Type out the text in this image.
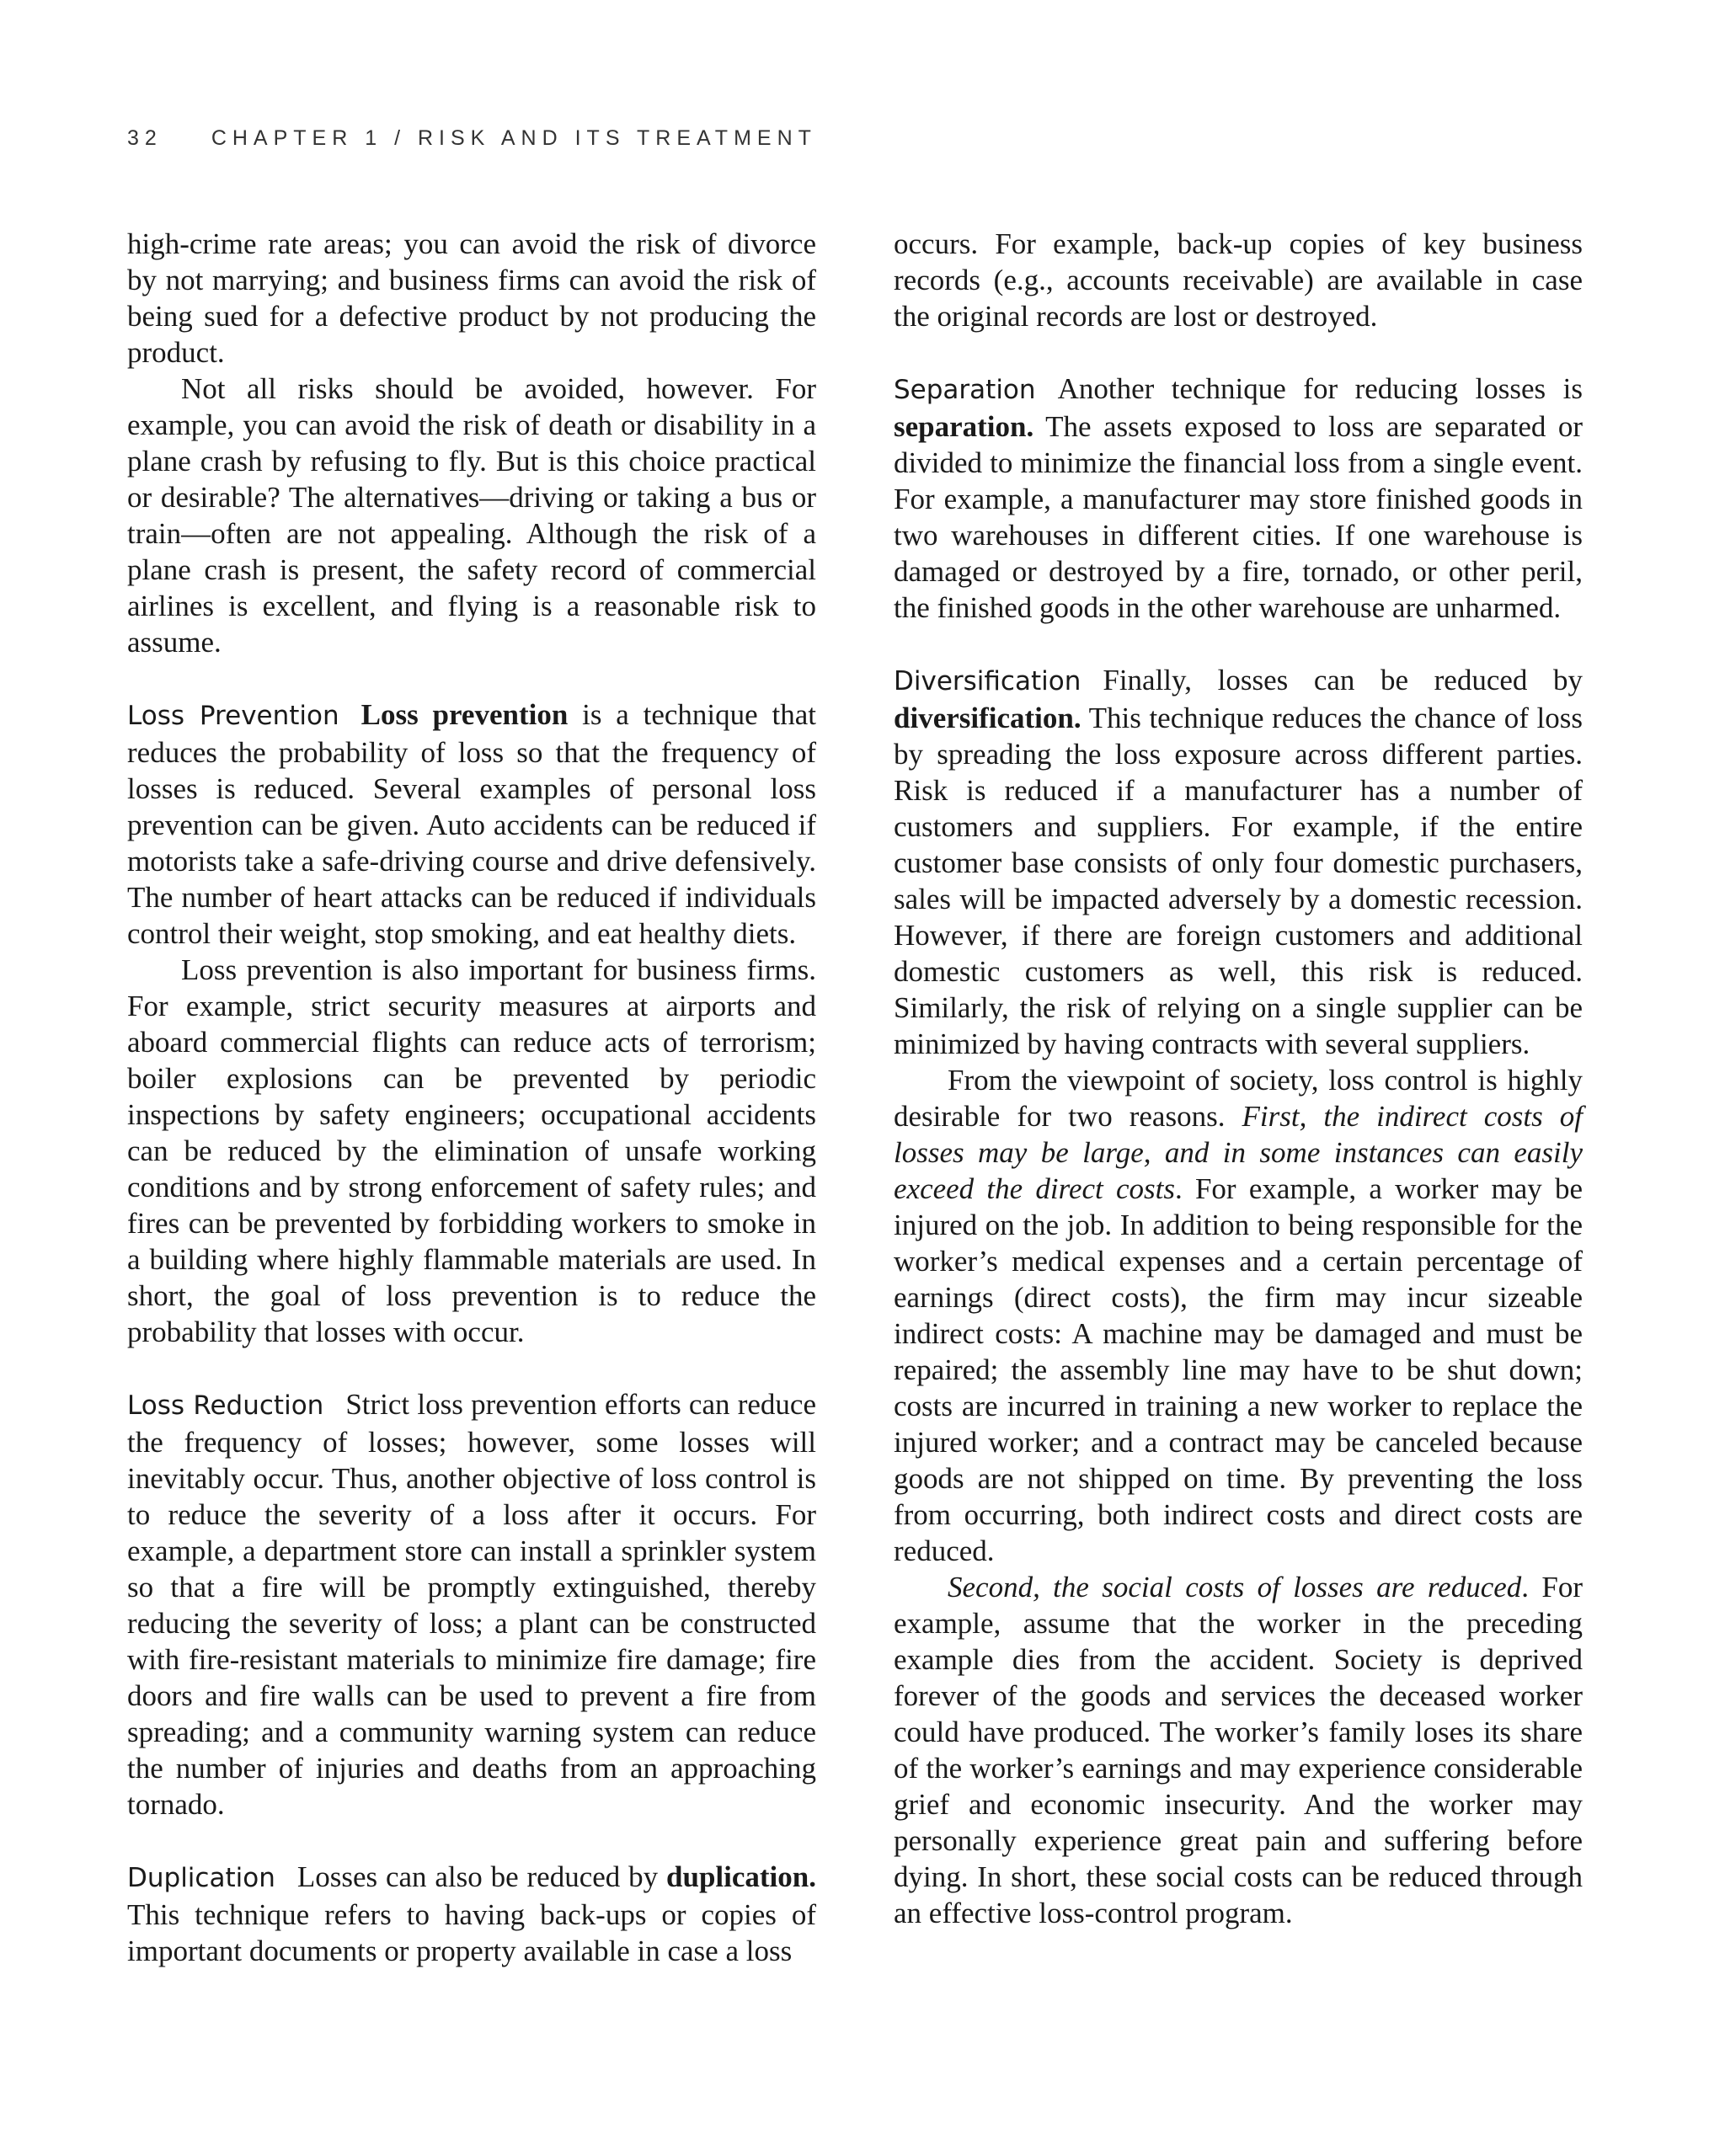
32 CHAPTER 1 / RISK AND ITS TREATMENT

high-crime rate areas; you can avoid the risk of divorce by not marrying; and business firms can avoid the risk of being sued for a defective product by not producing the product.

Not all risks should be avoided, however. For example, you can avoid the risk of death or disability in a plane crash by refusing to fly. But is this choice practical or desirable? The alternatives—driving or taking a bus or train—often are not appealing. Although the risk of a plane crash is present, the safety record of commercial airlines is excellent, and flying is a reasonable risk to assume.

Loss Prevention Loss prevention is a technique that reduces the probability of loss so that the frequency of losses is reduced. Several examples of personal loss prevention can be given. Auto accidents can be reduced if motorists take a safe-driving course and drive defensively. The number of heart attacks can be reduced if individuals control their weight, stop smoking, and eat healthy diets.

Loss prevention is also important for business firms. For example, strict security measures at airports and aboard commercial flights can reduce acts of terrorism; boiler explosions can be prevented by periodic inspections by safety engineers; occupational accidents can be reduced by the elimination of unsafe working conditions and by strong enforcement of safety rules; and fires can be prevented by forbidding workers to smoke in a building where highly flammable materials are used. In short, the goal of loss prevention is to reduce the probability that losses with occur.

Loss Reduction Strict loss prevention efforts can reduce the frequency of losses; however, some losses will inevitably occur. Thus, another objective of loss control is to reduce the severity of a loss after it occurs. For example, a department store can install a sprinkler system so that a fire will be promptly extinguished, thereby reducing the severity of loss; a plant can be constructed with fire-resistant materials to minimize fire damage; fire doors and fire walls can be used to prevent a fire from spreading; and a community warning system can reduce the number of injuries and deaths from an approaching tornado.

Duplication Losses can also be reduced by duplication. This technique refers to having back-ups or copies of important documents or property available in case a loss

occurs. For example, back-up copies of key business records (e.g., accounts receivable) are available in case the original records are lost or destroyed.

Separation Another technique for reducing losses is separation. The assets exposed to loss are separated or divided to minimize the financial loss from a single event. For example, a manufacturer may store finished goods in two warehouses in different cities. If one warehouse is damaged or destroyed by a fire, tornado, or other peril, the finished goods in the other warehouse are unharmed.

Diversification Finally, losses can be reduced by diversification. This technique reduces the chance of loss by spreading the loss exposure across different parties. Risk is reduced if a manufacturer has a number of customers and suppliers. For example, if the entire customer base consists of only four domestic purchasers, sales will be impacted adversely by a domestic recession. However, if there are foreign customers and additional domestic customers as well, this risk is reduced. Similarly, the risk of relying on a single supplier can be minimized by having contracts with several suppliers.

From the viewpoint of society, loss control is highly desirable for two reasons. First, the indirect costs of losses may be large, and in some instances can easily exceed the direct costs. For example, a worker may be injured on the job. In addition to being responsible for the worker’s medical expenses and a certain percentage of earnings (direct costs), the firm may incur sizeable indirect costs: A machine may be damaged and must be repaired; the assembly line may have to be shut down; costs are incurred in training a new worker to replace the injured worker; and a contract may be canceled because goods are not shipped on time. By preventing the loss from occurring, both indirect costs and direct costs are reduced.

Second, the social costs of losses are reduced. For example, assume that the worker in the preceding example dies from the accident. Society is deprived forever of the goods and services the deceased worker could have produced. The worker’s family loses its share of the worker’s earnings and may experience considerable grief and economic insecurity. And the worker may personally experience great pain and suffering before dying. In short, these social costs can be reduced through an effective loss-control program.
